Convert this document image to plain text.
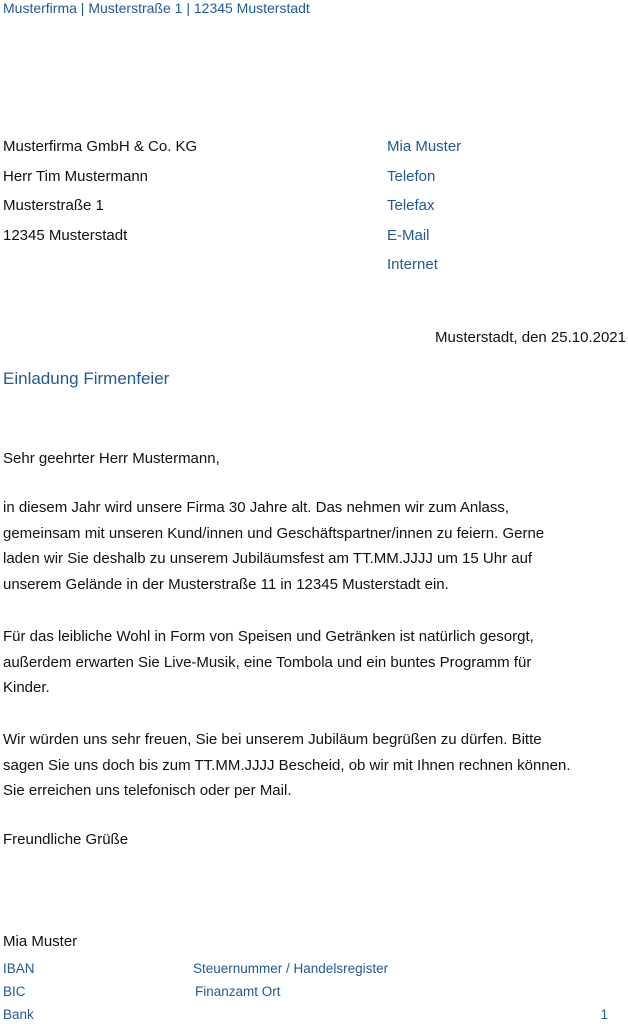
Musterfirma | Musterstraße 1 | 12345 Musterstadt
Musterfirma GmbH & Co. KG
Herr Tim Mustermann
Musterstraße 1
12345 Musterstadt
Mia Muster
Telefon
Telefax
E-Mail
Internet
Musterstadt, den 25.10.2021
Einladung Firmenfeier
Sehr geehrter Herr Mustermann,
in diesem Jahr wird unsere Firma 30 Jahre alt. Das nehmen wir zum Anlass,
gemeinsam mit unseren Kund/innen und Geschäftspartner/innen zu feiern. Gerne
laden wir Sie deshalb zu unserem Jubiläumsfest am TT.MM.JJJJ um 15 Uhr auf
unserem Gelände in der Musterstraße 11 in 12345 Musterstadt ein.
Für das leibliche Wohl in Form von Speisen und Getränken ist natürlich gesorgt,
außerdem erwarten Sie Live-Musik, eine Tombola und ein buntes Programm für
Kinder.
Wir würden uns sehr freuen, Sie bei unserem Jubiläum begrüßen zu dürfen. Bitte
sagen Sie uns doch bis zum TT.MM.JJJJ Bescheid, ob wir mit Ihnen rechnen können.
Sie erreichen uns telefonisch oder per Mail.
Freundliche Grüße
Mia Muster
IBAN
BIC
Bank
Steuernummer / Handelsregister
Finanzamt Ort
1
